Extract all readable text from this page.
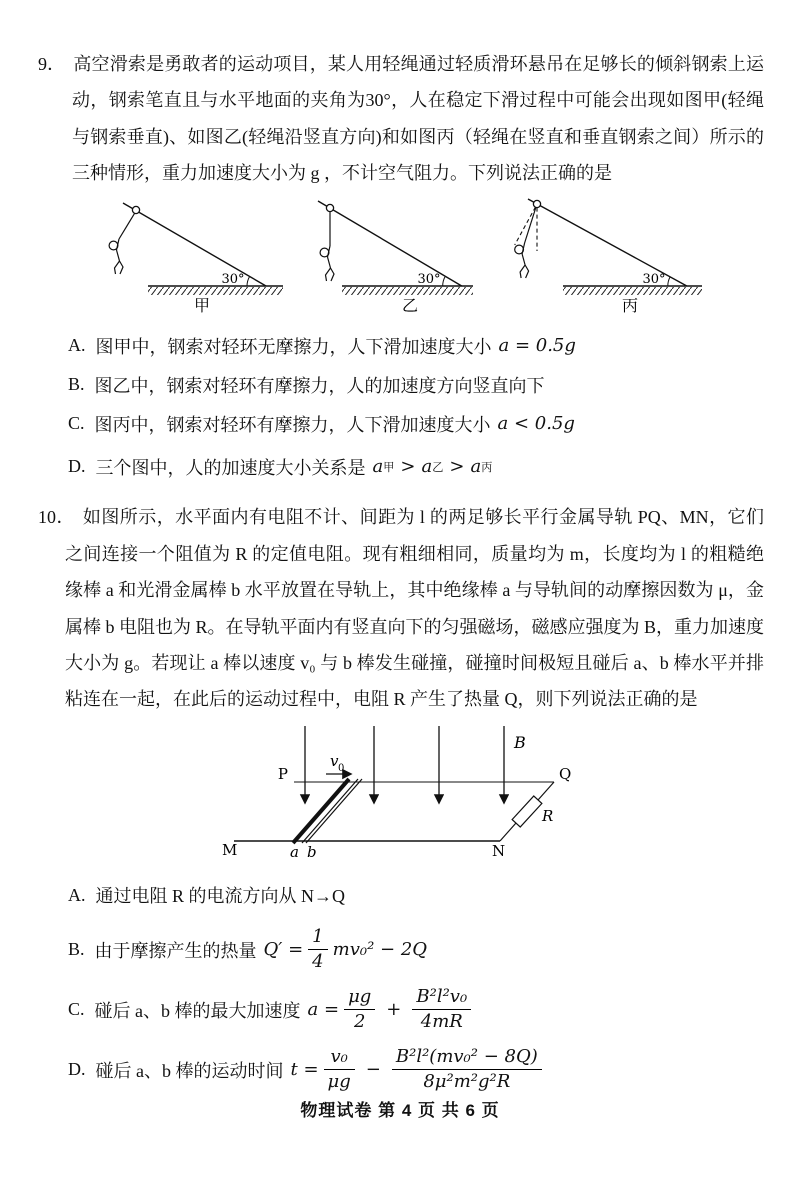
9． 高空滑索是勇敢者的运动项目，某人用轻绳通过轻质滑环悬吊在足够长的倾斜钢索上运动，钢索笔直且与水平地面的夹角为30°，人在稳定下滑过程中可能会出现如图甲(轻绳与钢索垂直)、如图乙(轻绳沿竖直方向)和如图丙（轻绳在竖直和垂直钢索之间）所示的三种情形，重力加速度大小为 g ，不计空气阻力。下列说法正确的是
30°
甲
30°
乙
30°
丙
A. 图甲中，钢索对轻环无摩擦力，人下滑加速度大小 a = 0.5g
B. 图乙中，钢索对轻环有摩擦力，人的加速度方向竖直向下
C. 图丙中，钢索对轻环有摩擦力，人下滑加速度大小 a < 0.5g
D. 三个图中，人的加速度大小关系是 a 甲 > a 乙 > a 丙
10． 如图所示，水平面内有电阻不计、间距为 l 的两足够长平行金属导轨 PQ、MN，它们之间连接一个阻值为 R 的定值电阻。现有粗细相同，质量均为 m，长度均为 l 的粗糙绝缘棒 a 和光滑金属棒 b 水平放置在导轨上，其中绝缘棒 a 与导轨间的动摩擦因数为 μ，金属棒 b 电阻也为 R。在导轨平面内有竖直向下的匀强磁场，磁感应强度为 B，重力加速度大小为 g。若现让 a 棒以速度 v₀ 与 b 棒发生碰撞，碰撞时间极短且碰后 a、b 棒水平并排粘连在一起，在此后的运动过程中，电阻 R 产生了热量 Q，则下列说法正确的是
B
v 0
R
P	Q
M	N
a b
A. 通过电阻 R 的电流方向从 N→Q
B. 由于摩擦产生的热量 $Q' = \frac{1}{4} mv_0^2 - 2Q$
C. 碰后 a、b 棒的最大加速度 $a = \frac{\mu g}{2} + \frac{\text{B²l²v₀}}{4mR}$
D. 碰后 a、b 棒的运动时间 $t = \frac{\text{v₀}}{\mu g} - \frac{\text{B²l²(mv₀² − 8Q)}}{\text{8μ²m²g²R}}$
物理试卷 第 4 页 共 6 页
